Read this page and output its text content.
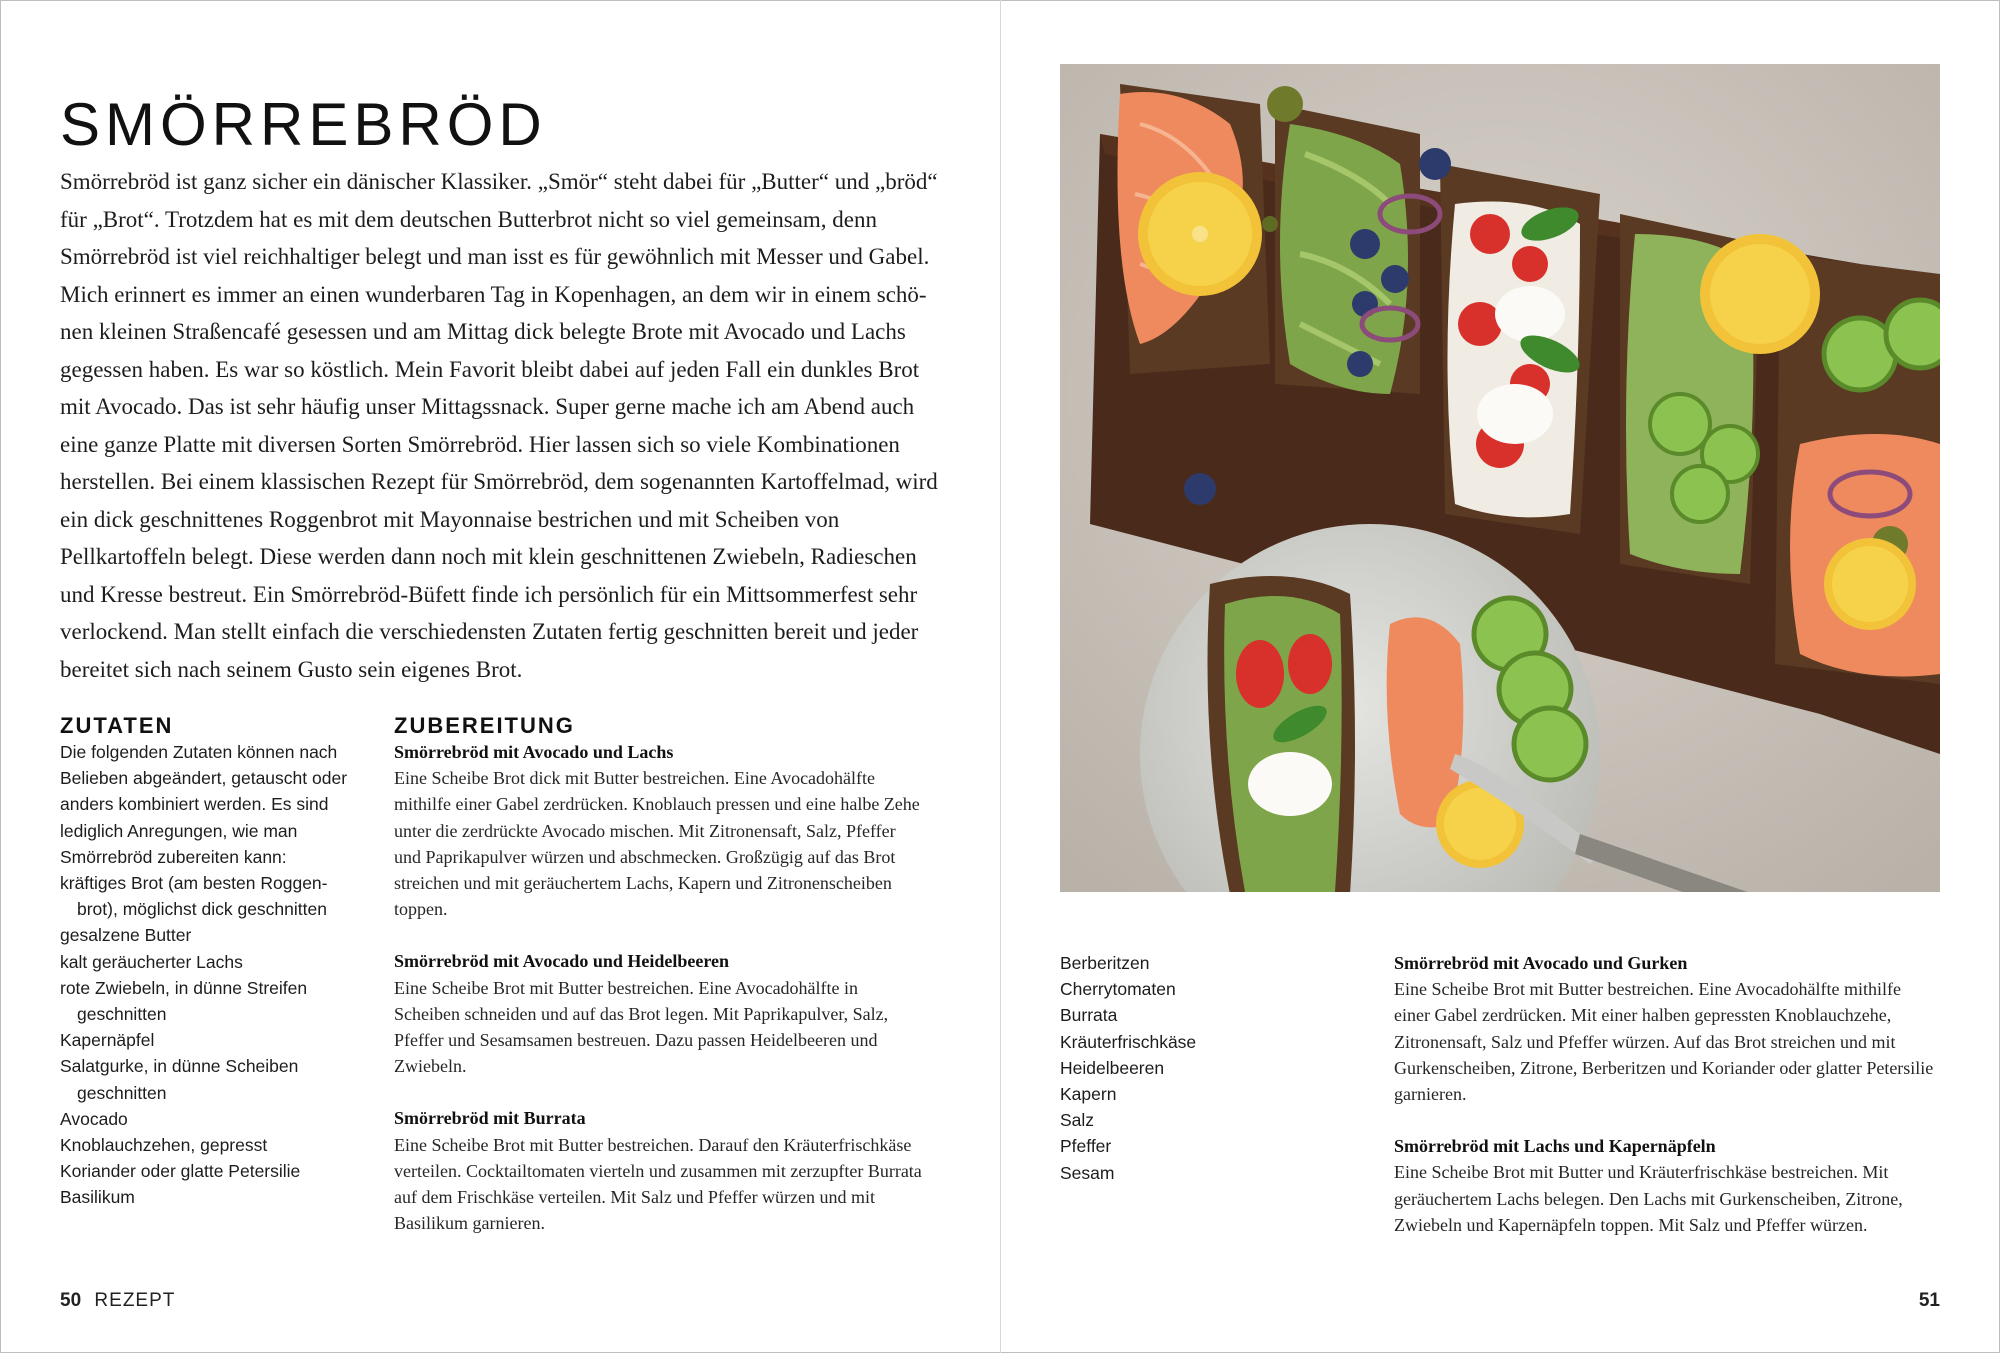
SMÖRREBRÖD

Smörrebröd ist ganz sicher ein dänischer Klassiker. „Smör“ steht dabei für „Butter“ und „bröd“ für „Brot“. Trotzdem hat es mit dem deutschen Butterbrot nicht so viel gemeinsam, denn Smörrebröd ist viel reichhaltiger belegt und man isst es für gewöhnlich mit Messer und Gabel. Mich erinnert es immer an einen wunderbaren Tag in Kopenhagen, an dem wir in einem schönen kleinen Straßencafé gesessen und am Mittag dick belegte Brote mit Avocado und Lachs gegessen haben. Es war so köstlich. Mein Favorit bleibt dabei auf jeden Fall ein dunkles Brot mit Avocado. Das ist sehr häufig unser Mittagssnack. Super gerne mache ich am Abend auch eine ganze Platte mit diversen Sorten Smörrebröd. Hier lassen sich so viele Kombinationen herstellen. Bei einem klassischen Rezept für Smörrebröd, dem sogenannten Kartoffelmad, wird ein dick geschnittenes Roggenbrot mit Mayonnaise bestrichen und mit Scheiben von Pellkartoffeln belegt. Diese werden dann noch mit klein geschnittenen Zwiebeln, Radieschen und Kresse bestreut. Ein Smörrebröd-Büfett finde ich persönlich für ein Mittsommerfest sehr verlockend. Man stellt einfach die verschiedensten Zutaten fertig geschnitten bereit und jeder bereitet sich nach seinem Gusto sein eigenes Brot.

ZUTATEN
Die folgenden Zutaten können nach Belieben abgeändert, getauscht oder anders kombiniert werden. Es sind lediglich Anregungen, wie man Smörrebröd zubereiten kann:
kräftiges Brot (am besten Roggenbrot), möglichst dick geschnitten
gesalzene Butter
kalt geräucherter Lachs
rote Zwiebeln, in dünne Streifen geschnitten
Kapernäpfel
Salatgurke, in dünne Scheiben geschnitten
Avocado
Knoblauchzehen, gepresst
Koriander oder glatte Petersilie
Basilikum
ZUBEREITUNG
Smörrebröd mit Avocado und Lachs

Eine Scheibe Brot dick mit Butter bestreichen. Eine Avocadohälfte mithilfe einer Gabel zerdrücken. Knoblauch pressen und eine halbe Zehe unter die zerdrückte Avocado mischen. Mit Zitronensaft, Salz, Pfeffer und Paprikapulver würzen und abschmecken. Großzügig auf das Brot streichen und mit geräuchertem Lachs, Kapern und Zitronenscheiben toppen.

Smörrebröd mit Avocado und Heidelbeeren

Eine Scheibe Brot mit Butter bestreichen. Eine Avocadohälfte in Scheiben schneiden und auf das Brot legen. Mit Paprikapulver, Salz, Pfeffer und Sesamsamen bestreuen. Dazu passen Heidelbeeren und Zwiebeln.

Smörrebröd mit Burrata

Eine Scheibe Brot mit Butter bestreichen. Darauf den Kräuterfrischkäse verteilen. Cocktailtomaten vierteln und zusammen mit zerzupfter Burrata auf dem Frischkäse verteilen. Mit Salz und Pfeffer würzen und mit Basilikum garnieren.

50 REZEPT
Berberitzen
Cherrytomaten
Burrata
Kräuterfrischkäse
Heidelbeeren
Kapern
Salz
Pfeffer
Sesam
Smörrebröd mit Avocado und Gurken

Eine Scheibe Brot mit Butter bestreichen. Eine Avocadohälfte mithilfe einer Gabel zerdrücken. Mit einer halben gepressten Knoblauchzehe, Zitronensaft, Salz und Pfeffer würzen. Auf das Brot streichen und mit Gurkenscheiben, Zitrone, Berberitzen und Koriander oder glatter Petersilie garnieren.

Smörrebröd mit Lachs und Kapernäpfeln

Eine Scheibe Brot mit Butter und Kräuterfrischkäse bestreichen. Mit geräuchertem Lachs belegen. Den Lachs mit Gurkenscheiben, Zitrone, Zwiebeln und Kapernäpfeln toppen. Mit Salz und Pfeffer würzen.

51
